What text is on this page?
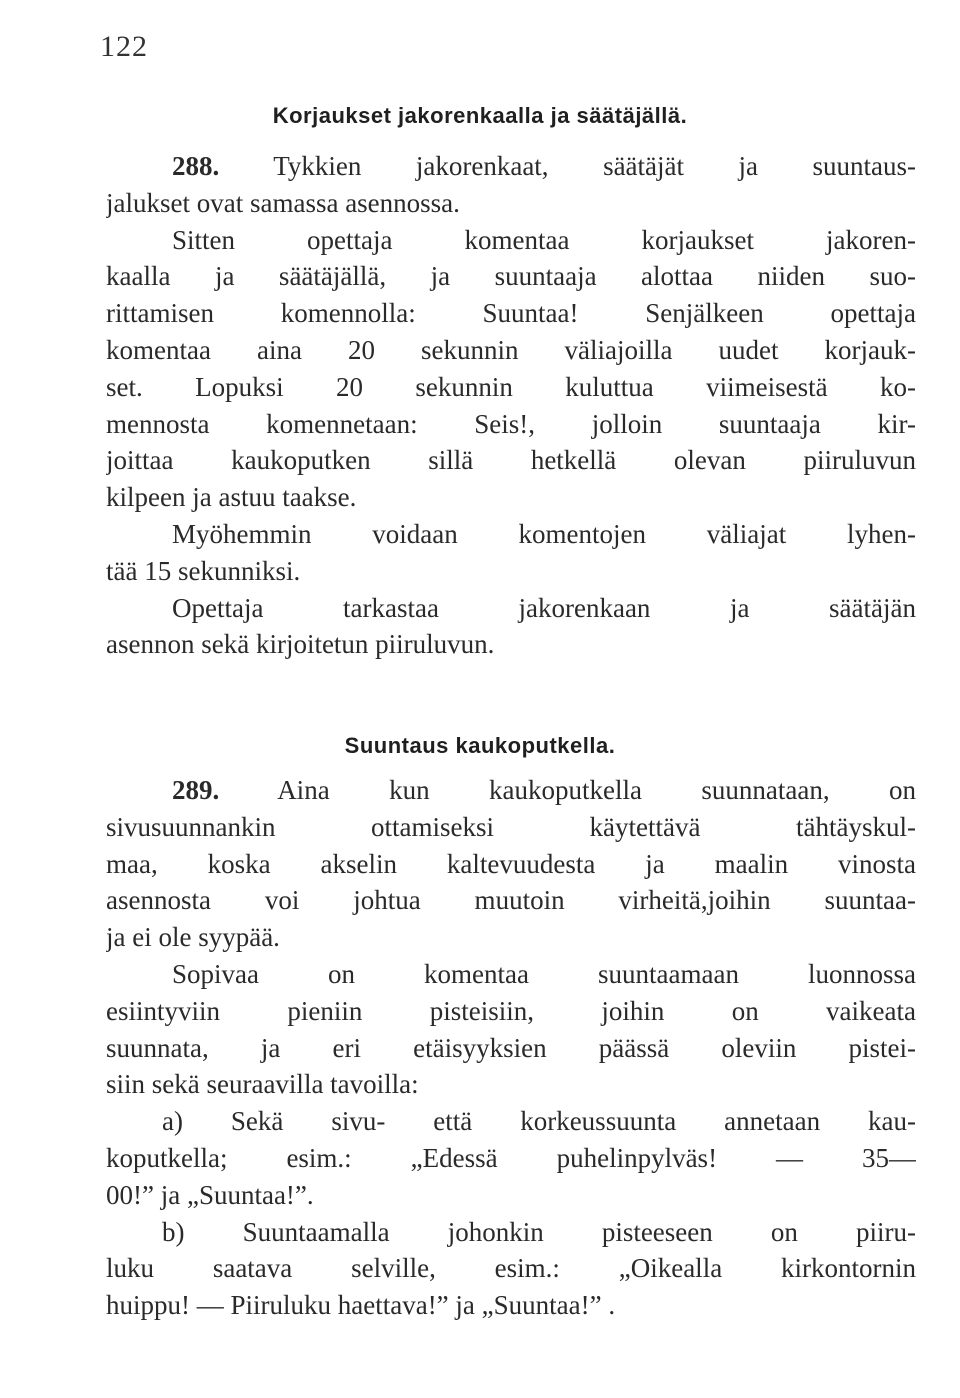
122
Korjaukset jakorenkaalla ja säätäjällä.
288. Tykkien jakorenkaat, säätäjät ja suuntaus-
jalukset ovat samassa asennossa.
Sitten opettaja komentaa korjaukset jakoren-
kaalla ja säätäjällä, ja suuntaaja alottaa niiden suo-
rittamisen komennolla: Suuntaa! Senjälkeen opettaja
komentaa aina 20 sekunnin väliajoilla uudet korjauk-
set. Lopuksi 20 sekunnin kuluttua viimeisestä ko-
mennosta komennetaan: Seis!, jolloin suuntaaja kir-
joittaa kaukoputken sillä hetkellä olevan piiruluvun
kilpeen ja astuu taakse.
Myöhemmin voidaan komentojen väliajat lyhen-
tää 15 sekunniksi.
Opettaja tarkastaa jakorenkaan ja säätäjän
asennon sekä kirjoitetun piiruluvun.
Suuntaus kaukoputkella.
289. Aina kun kaukoputkella suunnataan, on
sivusuunnankin ottamiseksi käytettävä tähtäyskul-
maa, koska akselin kaltevuudesta ja maalin vinosta
asennosta voi johtua muutoin virheitä,joihin suuntaa-
ja ei ole syypää.
Sopivaa on komentaa suuntaamaan luonnossa
esiintyviin pieniin pisteisiin, joihin on vaikeata
suunnata, ja eri etäisyyksien päässä oleviin pistei-
siin sekä seuraavilla tavoilla:
a) Sekä sivu- että korkeussuunta annetaan kau-
koputkella; esim.: „Edessä puhelinpylväs! — 35—
00!” ja „Suuntaa!”.
b) Suuntaamalla johonkin pisteeseen on piiru-
luku saatava selville, esim.: „Oikealla kirkontornin
huippu! — Piiruluku haettava!” ja „Suuntaa!” .
